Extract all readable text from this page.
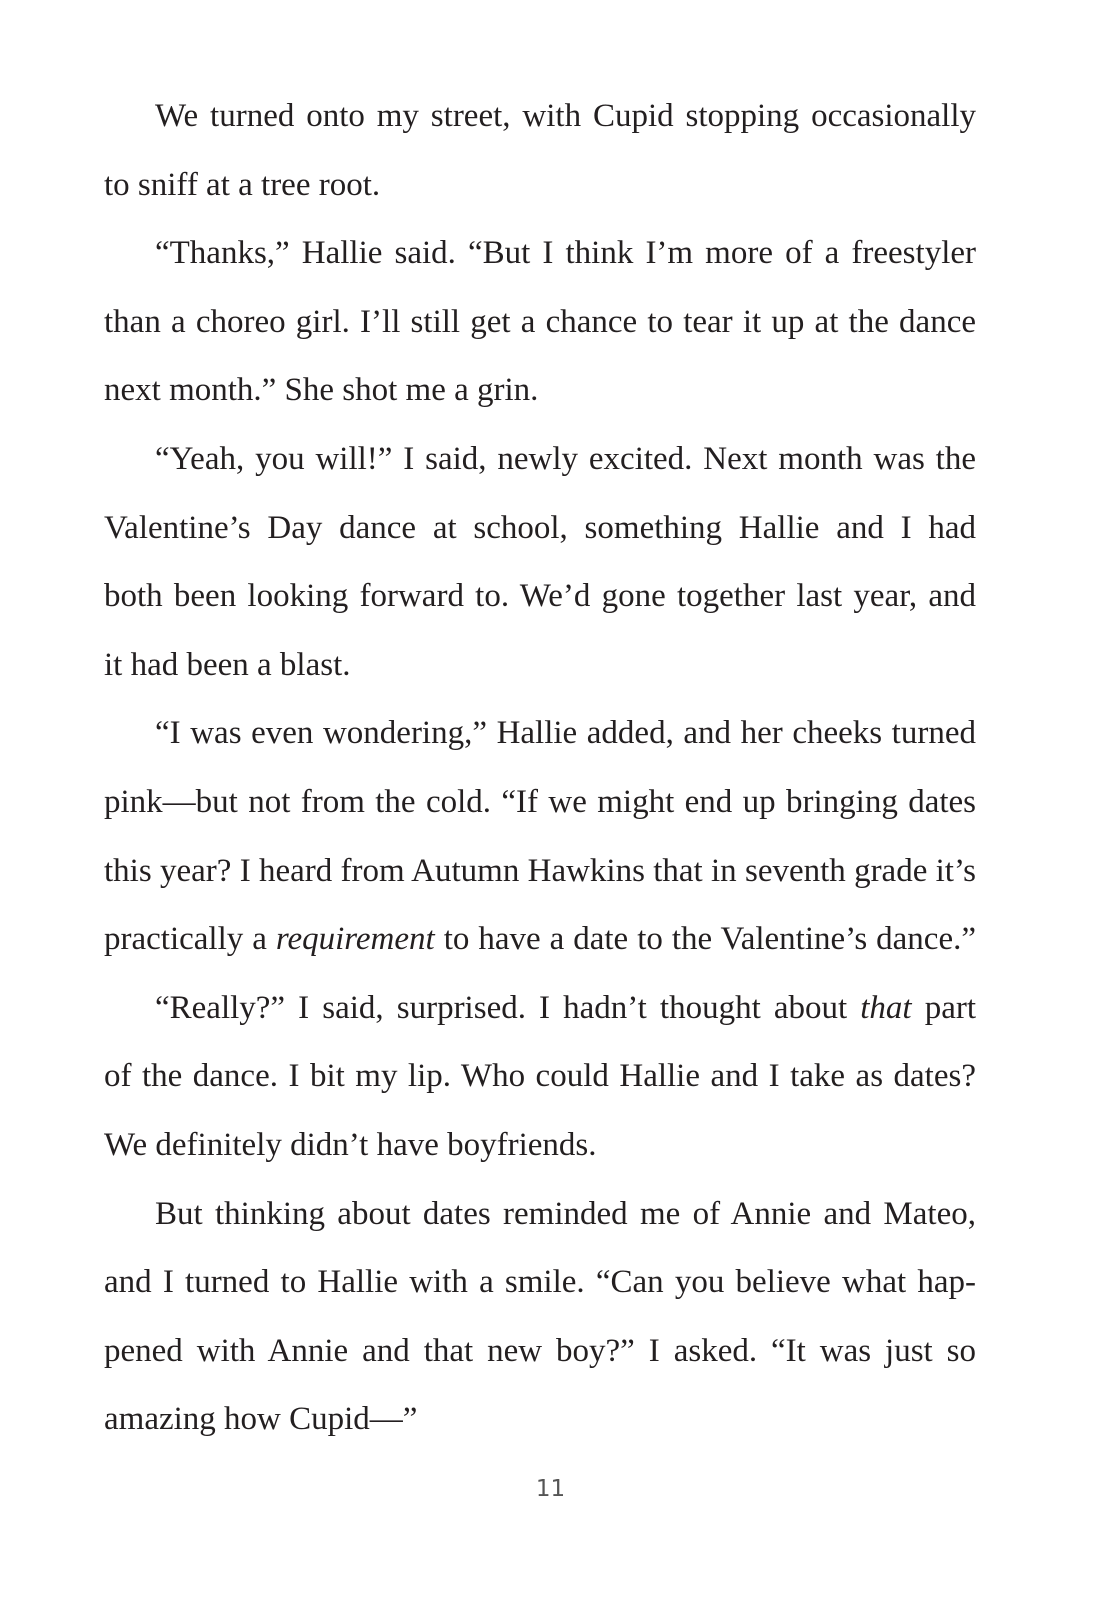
We turned onto my street, with Cupid stopping occasionally
to sniff at a tree root.
“Thanks,” Hallie said. “But I think I’m more of a freestyler
than a choreo girl. I’ll still get a chance to tear it up at the dance
next month.” She shot me a grin.
“Yeah, you will!” I said, newly excited. Next month was the
Valentine’s Day dance at school, something Hallie and I had
both been looking forward to. We’d gone together last year, and
it had been a blast.
“I was even wondering,” Hallie added, and her cheeks turned
pink—but not from the cold. “If we might end up bringing dates
this year? I heard from Autumn Hawkins that in seventh grade it’s
practically a requirement to have a date to the Valentine’s dance.”
“Really?” I said, surprised. I hadn’t thought about that part
of the dance. I bit my lip. Who could Hallie and I take as dates?
We definitely didn’t have boyfriends.
But thinking about dates reminded me of Annie and Mateo,
and I turned to Hallie with a smile. “Can you believe what hap-
pened with Annie and that new boy?” I asked. “It was just so
amazing how Cupid—”
11
